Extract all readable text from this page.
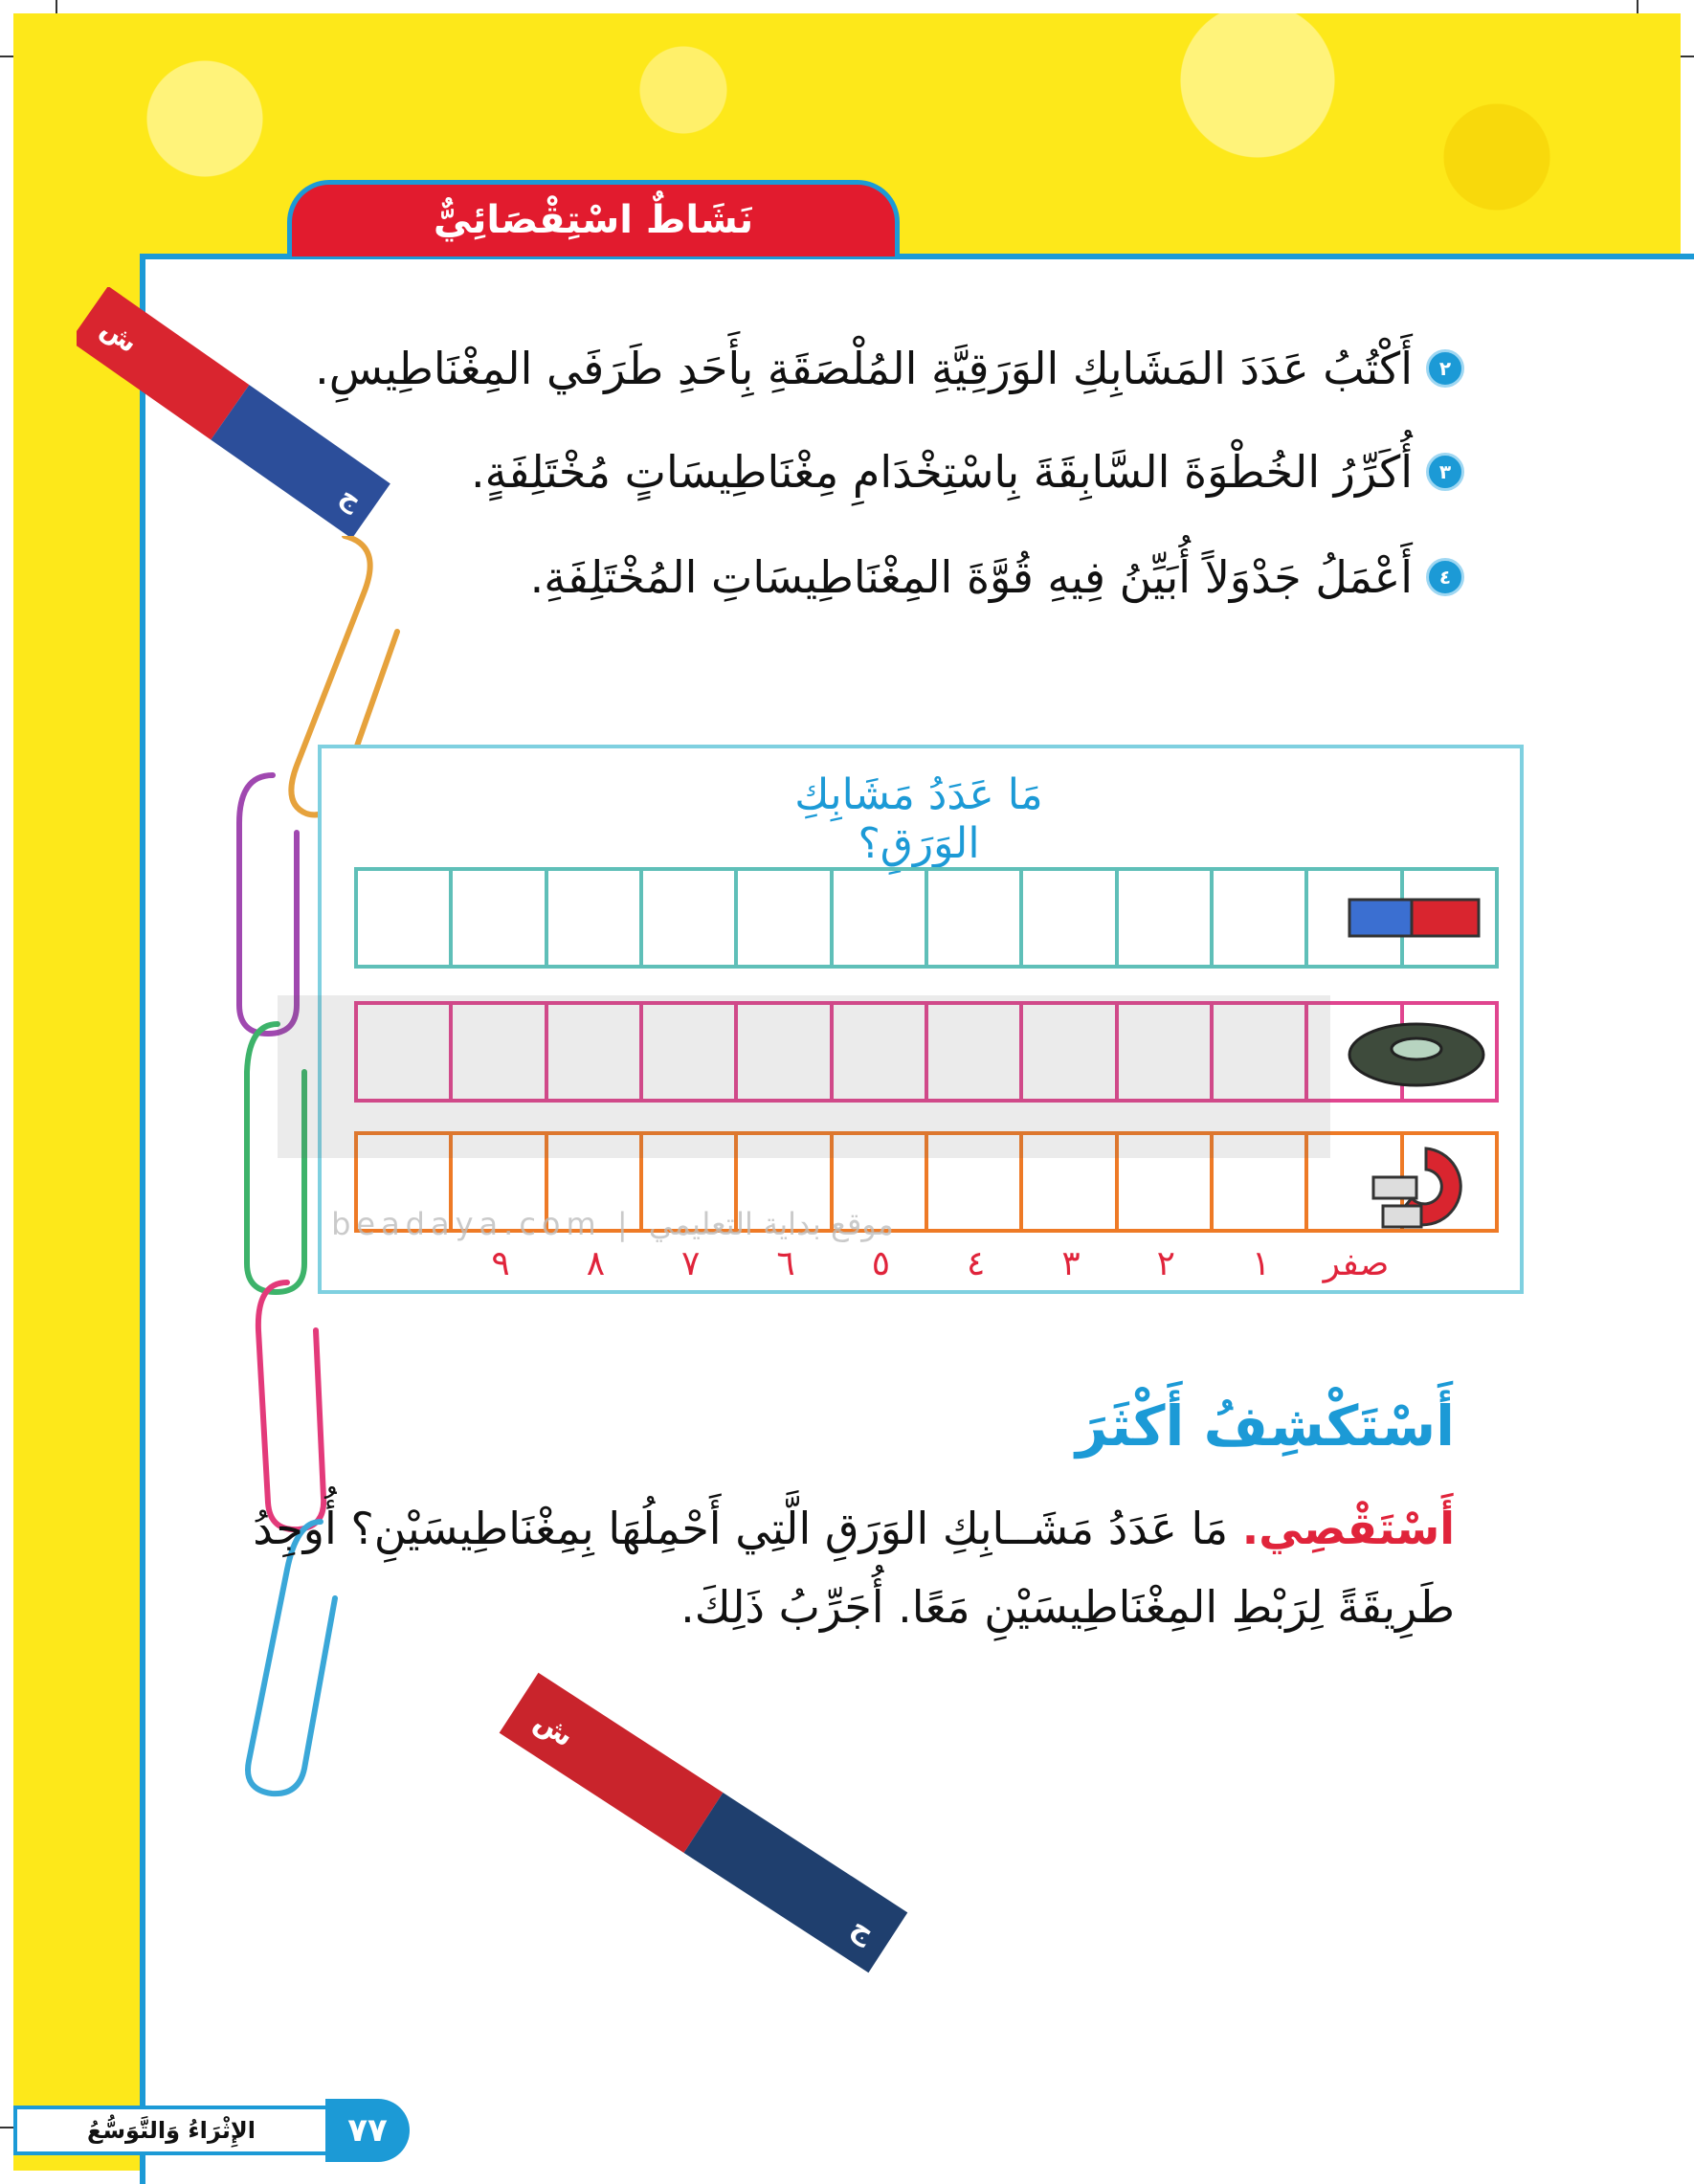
نَشَاطٌ اسْتِقْصَائِيٌّ
ش
ج
٢
أَكْتُبُ عَدَدَ المَشَابِكِ الوَرَقِيَّةِ المُلْصَقَةِ بِأَحَدِ طَرَفَي المِغْنَاطِيسِ.
٣
أُكَرِّرُ الخُطْوَةَ السَّابِقَةَ بِاسْتِخْدَامِ مِغْنَاطِيسَاتٍ مُخْتَلِفَةٍ.
٤
أَعْمَلُ جَدْوَلاً أُبَيِّنُ فِيهِ قُوَّةَ المِغْنَاطِيسَاتِ المُخْتَلِفَةِ.
مَا عَدَدُ مَشَابِكِ الوَرَقِ؟
صفر
١
٢
٣
٤
٥
٦
٧
٨
٩
beadaya.com | موقع بداية التعليمي
أَسْتَكْشِفُ أَكْثَرَ
أَسْتَقْصِي. مَا عَدَدُ مَشَــابِكِ الوَرَقِ الَّتِي أَحْمِلُهَا بِمِغْنَاطِيسَيْنِ؟ أُوجِدُ
طَرِيقَةً لِرَبْطِ المِغْنَاطِيسَيْنِ مَعًا. أُجَرِّبُ ذَلِكَ.
ش
ج
الإِثْرَاءُ وَالتَّوَسُّعُ	٧٧
